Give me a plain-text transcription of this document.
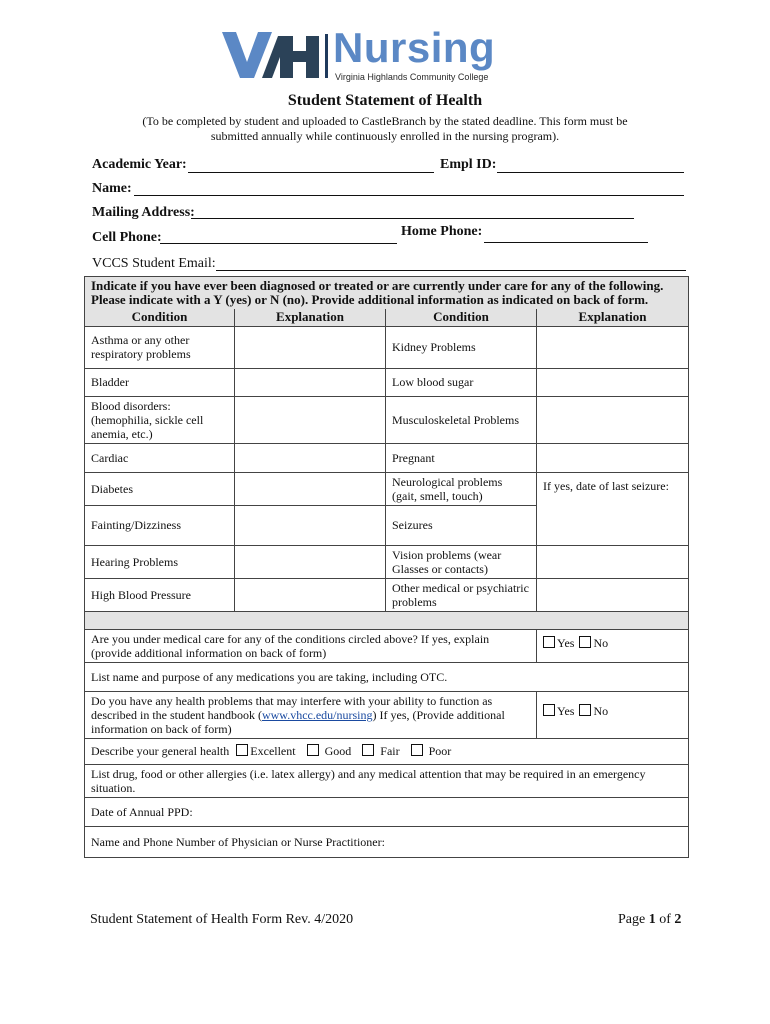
Nursing
Virginia Highlands Community College
Student Statement of Health
(To be completed by student and uploaded to CastleBranch by the stated deadline. This form must be submitted annually while continuously enrolled in the nursing program).
Academic Year:	Empl ID:
Name:
Mailing Address:
Cell Phone:	Home Phone:
VCCS Student Email:
Indicate if you have ever been diagnosed or treated or are currently under care for any of the following. Please indicate with a Y (yes) or N (no). Provide additional information as indicated on back of form.			
Condition	Explanation	Condition	Explanation
Asthma or any other respiratory problems		Kidney Problems	
Bladder		Low blood sugar	
Blood disorders: (hemophilia, sickle cell anemia, etc.)		Musculoskeletal Problems	
Cardiac		Pregnant	
Diabetes		Neurological problems (gait, smell, touch)	If yes, date of last seizure:
Fainting/Dizziness		Seizures	
Hearing Problems		Vision problems (wear Glasses or contacts)	
High Blood Pressure		Other medical or psychiatric problems	

Are you under medical care for any of the conditions circled above? If yes, explain (provide additional information on back of form)			Yes No
List name and purpose of any medications you are taking, including OTC.			
Do you have any health problems that may interfere with your ability to function as described in the student handbook (www.vhcc.edu/nursing) If yes, (Provide additional information on back of form)			Yes No
Describe your general health Excellent Good Fair Poor			
List drug, food or other allergies (i.e. latex allergy) and any medical attention that may be required in an emergency situation.			
Date of Annual PPD:			
Name and Phone Number of Physician or Nurse Practitioner:			
Student Statement of Health Form Rev. 4/2020	Page 1 of 2
